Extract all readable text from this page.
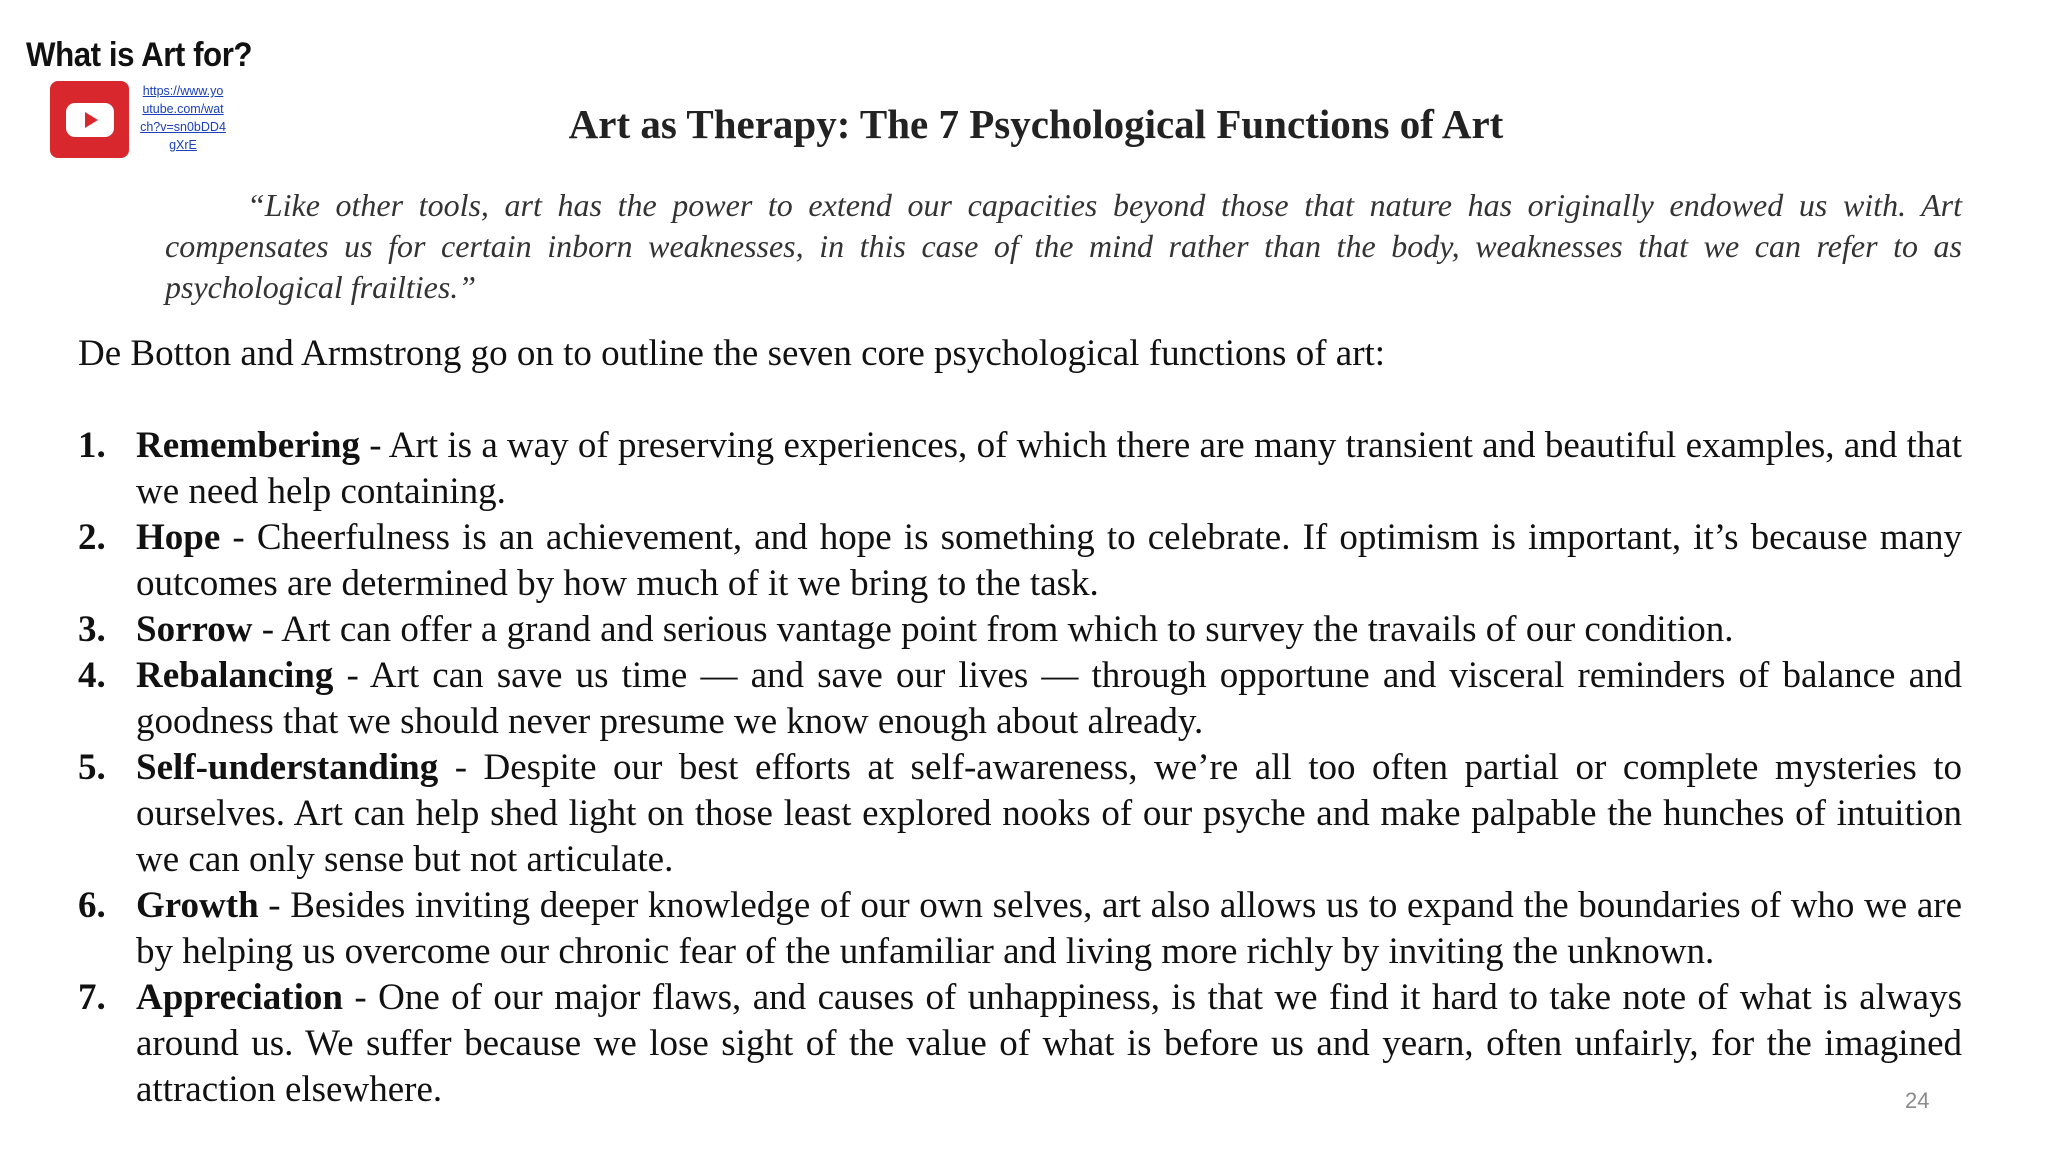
What is Art for?
https://www.youtube.com/watch?v=sn0bDD4gXrE	Art as Therapy: The 7 Psychological Functions of Art
“Like other tools, art has the power to extend our capacities beyond those that nature has originally endowed us with. Art compensates us for certain inborn weaknesses, in this case of the mind rather than the body, weaknesses that we can refer to as psychological frailties.”
De Botton and Armstrong go on to outline the seven core psychological functions of art:
1. Remembering - Art is a way of preserving experiences, of which there are many transient and beautiful examples, and that we need help containing.
2. Hope - Cheerfulness is an achievement, and hope is something to celebrate. If optimism is important, it’s because many outcomes are determined by how much of it we bring to the task.
3. Sorrow - Art can offer a grand and serious vantage point from which to survey the travails of our condition.
4. Rebalancing - Art can save us time — and save our lives — through opportune and visceral reminders of balance and goodness that we should never presume we know enough about already.
5. Self-understanding - Despite our best efforts at self-awareness, we’re all too often partial or complete mysteries to ourselves. Art can help shed light on those least explored nooks of our psyche and make palpable the hunches of intuition we can only sense but not articulate.
6. Growth - Besides inviting deeper knowledge of our own selves, art also allows us to expand the boundaries of who we are by helping us overcome our chronic fear of the unfamiliar and living more richly by inviting the unknown.
7. Appreciation - One of our major flaws, and causes of unhappiness, is that we find it hard to take note of what is always around us. We suffer because we lose sight of the value of what is before us and yearn, often unfairly, for the imagined attraction elsewhere.	24
